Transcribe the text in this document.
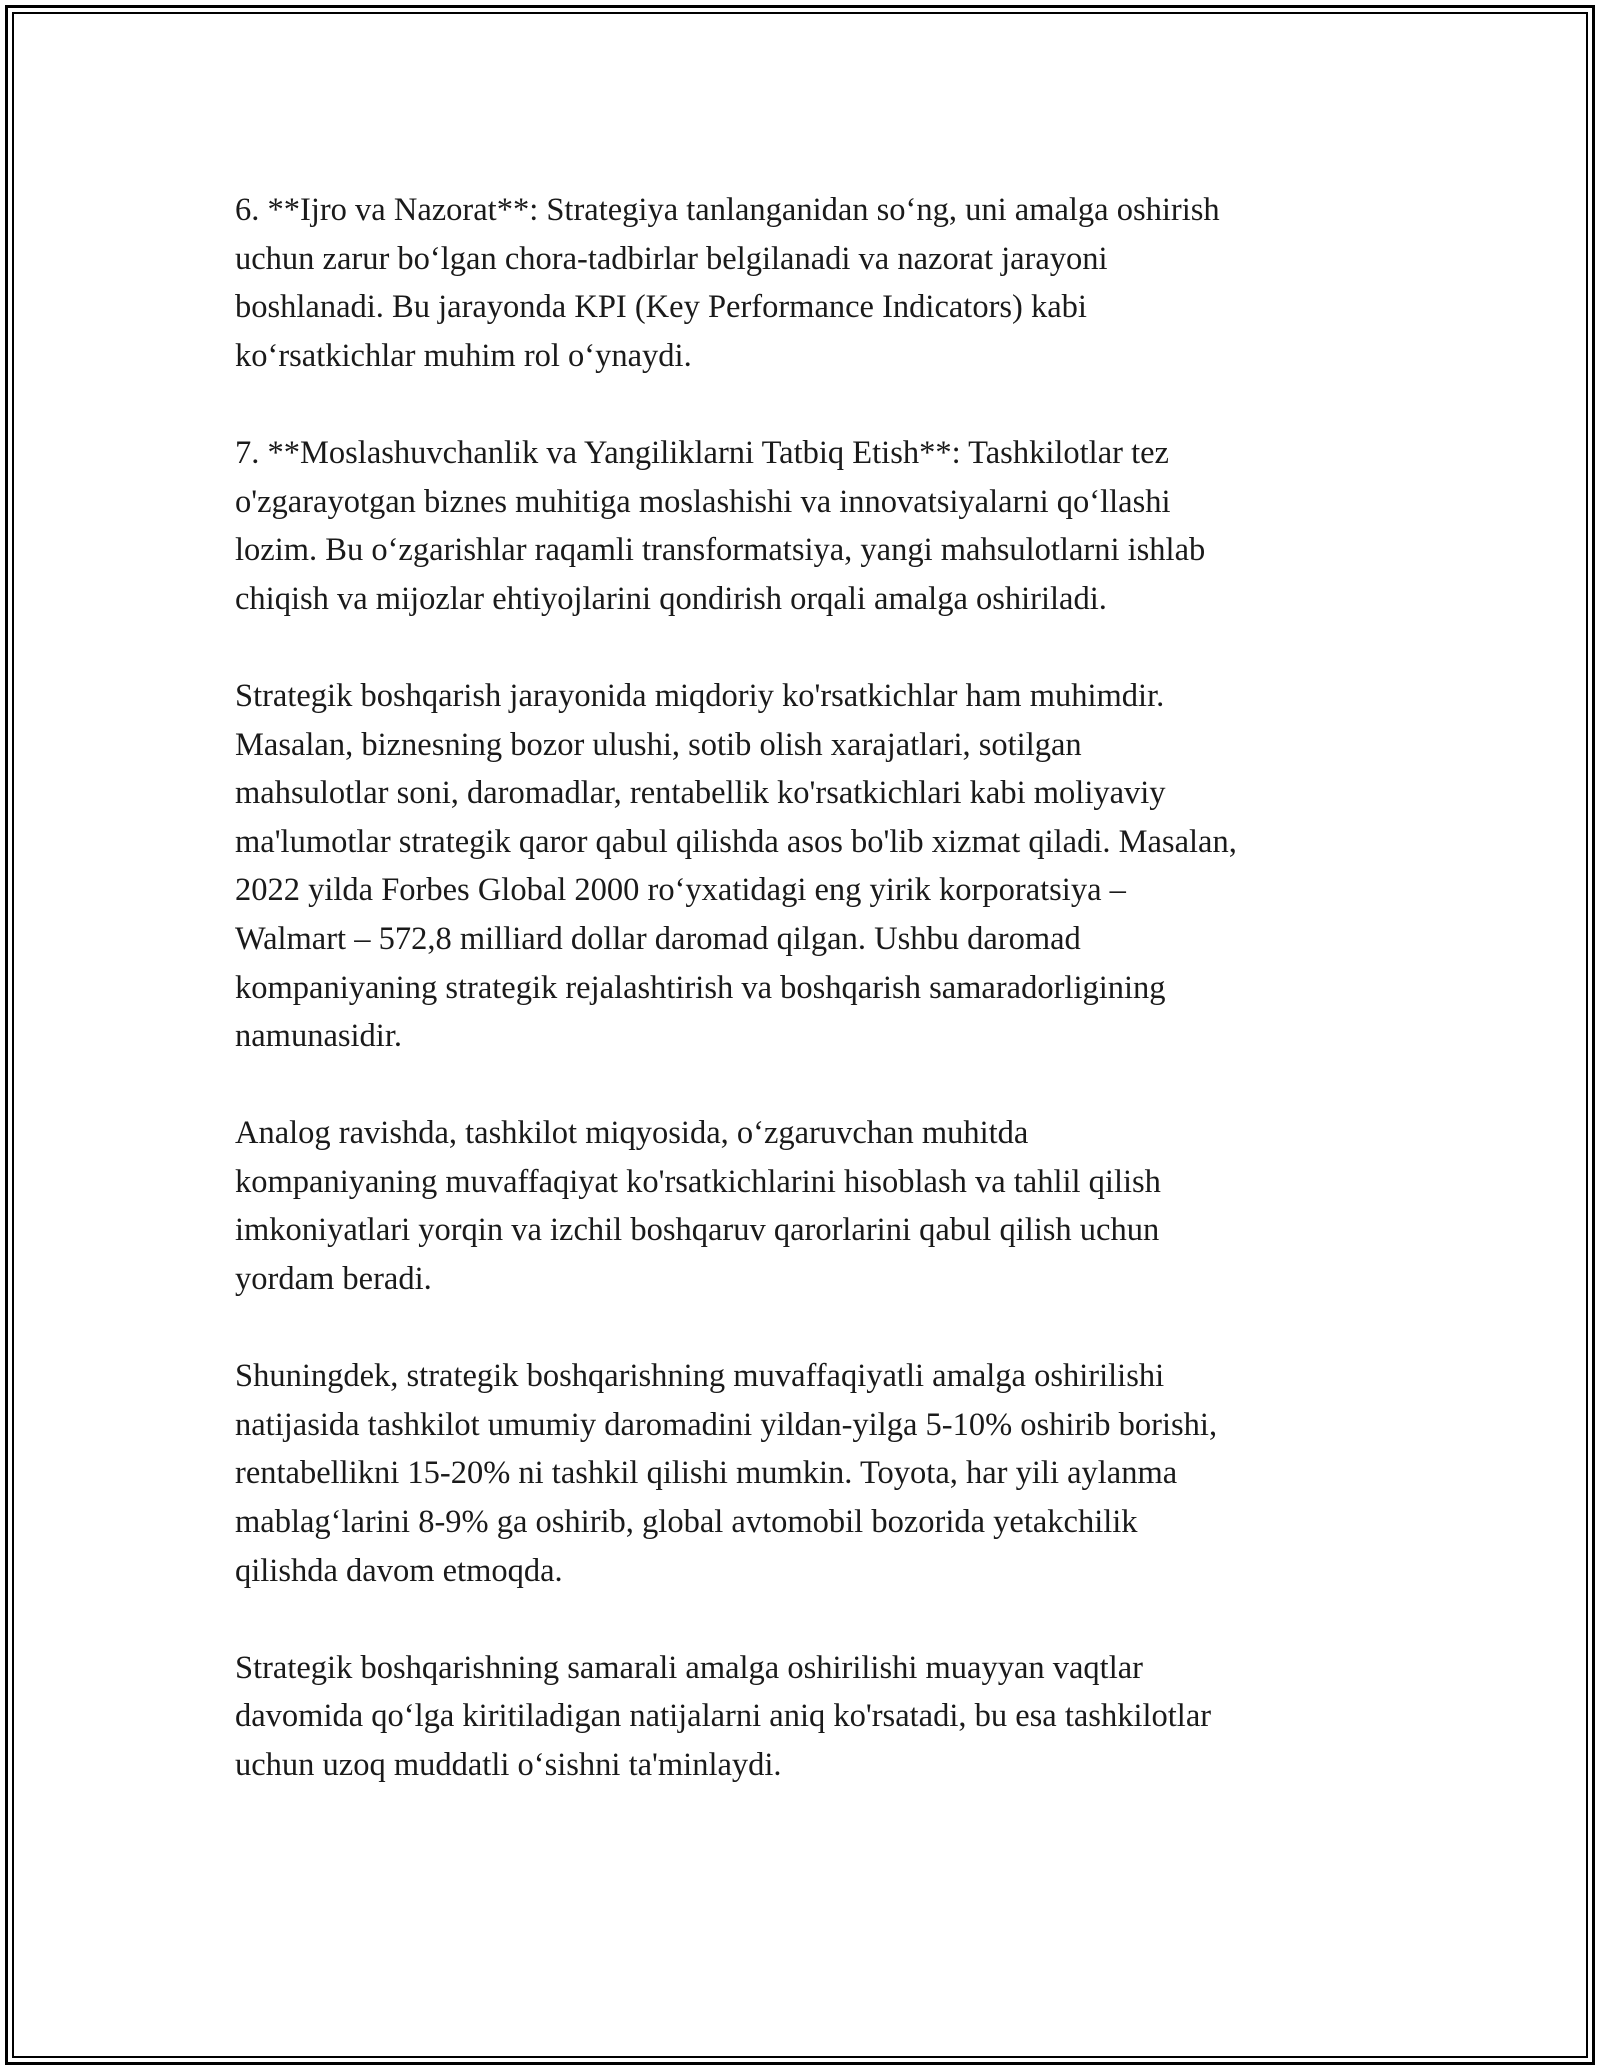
6. **Ijro va Nazorat**: Strategiya tanlanganidan so‘ng, uni amalga oshirish
uchun zarur bo‘lgan chora-tadbirlar belgilanadi va nazorat jarayoni
boshlanadi. Bu jarayonda KPI (Key Performance Indicators) kabi
ko‘rsatkichlar muhim rol o‘ynaydi.

7. **Moslashuvchanlik va Yangiliklarni Tatbiq Etish**: Tashkilotlar tez
o'zgarayotgan biznes muhitiga moslashishi va innovatsiyalarni qo‘llashi
lozim. Bu o‘zgarishlar raqamli transformatsiya, yangi mahsulotlarni ishlab
chiqish va mijozlar ehtiyojlarini qondirish orqali amalga oshiriladi.

Strategik boshqarish jarayonida miqdoriy ko'rsatkichlar ham muhimdir.
Masalan, biznesning bozor ulushi, sotib olish xarajatlari, sotilgan
mahsulotlar soni, daromadlar, rentabellik ko'rsatkichlari kabi moliyaviy
ma'lumotlar strategik qaror qabul qilishda asos bo'lib xizmat qiladi. Masalan,
2022 yilda Forbes Global 2000 ro‘yxatidagi eng yirik korporatsiya –
Walmart – 572,8 milliard dollar daromad qilgan. Ushbu daromad
kompaniyaning strategik rejalashtirish va boshqarish samaradorligining
namunasidir.

Analog ravishda, tashkilot miqyosida, o‘zgaruvchan muhitda
kompaniyaning muvaffaqiyat ko'rsatkichlarini hisoblash va tahlil qilish
imkoniyatlari yorqin va izchil boshqaruv qarorlarini qabul qilish uchun
yordam beradi.

Shuningdek, strategik boshqarishning muvaffaqiyatli amalga oshirilishi
natijasida tashkilot umumiy daromadini yildan-yilga 5-10% oshirib borishi,
rentabellikni 15-20% ni tashkil qilishi mumkin. Toyota, har yili aylanma
mablag‘larini 8-9% ga oshirib, global avtomobil bozorida yetakchilik
qilishda davom etmoqda.

Strategik boshqarishning samarali amalga oshirilishi muayyan vaqtlar
davomida qo‘lga kiritiladigan natijalarni aniq ko'rsatadi, bu esa tashkilotlar
uchun uzoq muddatli o‘sishni ta'minlaydi.
